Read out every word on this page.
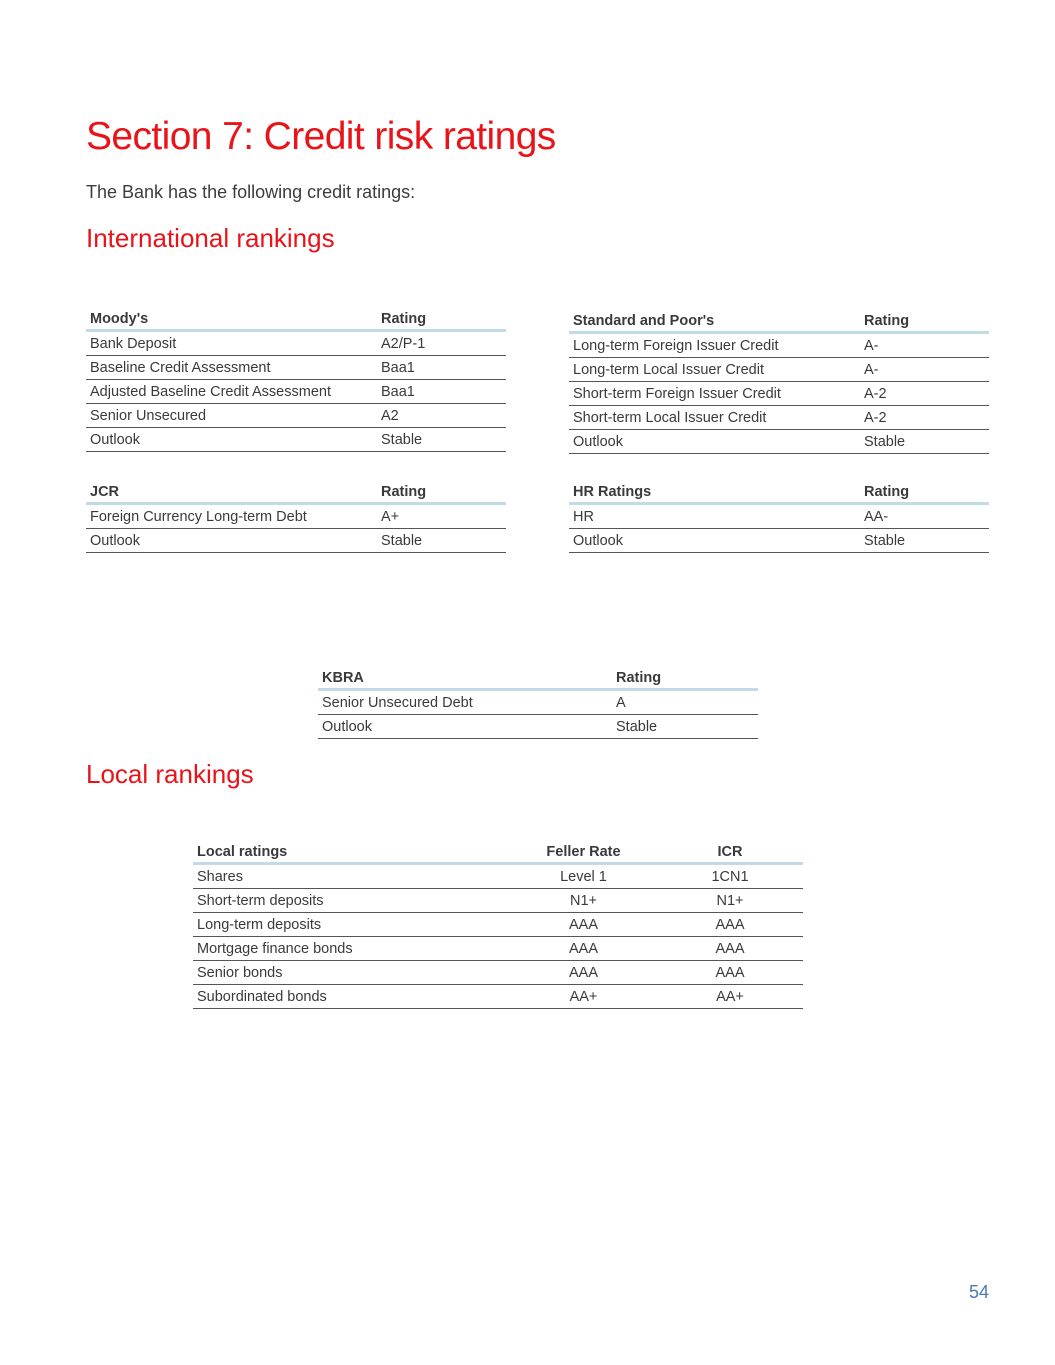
Section 7: Credit risk ratings
The Bank has the following credit ratings:
International rankings
Moody's	Rating
Bank Deposit	A2/P-1
Baseline Credit Assessment	Baa1
Adjusted Baseline Credit Assessment	Baa1
Senior Unsecured	A2
Outlook	Stable
Standard and Poor's	Rating
Long-term Foreign Issuer Credit	A-
Long-term Local Issuer Credit	A-
Short-term Foreign Issuer Credit	A-2
Short-term Local Issuer Credit	A-2
Outlook	Stable
JCR	Rating
Foreign Currency Long-term Debt	A+
Outlook	Stable
HR Ratings	Rating
HR	AA-
Outlook	Stable
KBRA	Rating
Senior Unsecured Debt	A
Outlook	Stable
Local rankings
Local ratings	Feller Rate	ICR
Shares	Level 1	1CN1
Short-term deposits	N1+	N1+
Long-term deposits	AAA	AAA
Mortgage finance bonds	AAA	AAA
Senior bonds	AAA	AAA
Subordinated bonds	AA+	AA+
54
